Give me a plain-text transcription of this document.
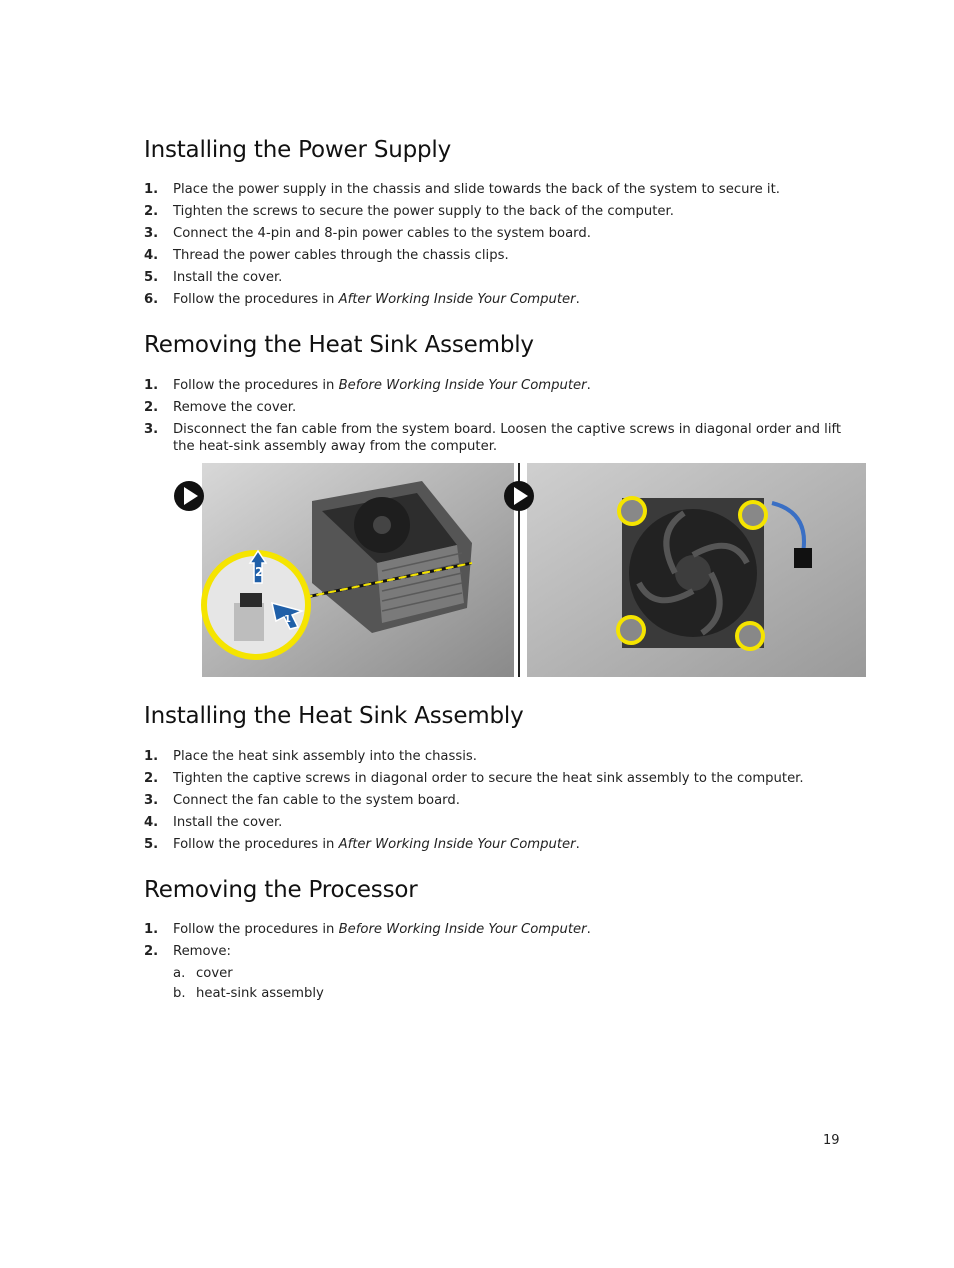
Installing the Power Supply
1. Place the power supply in the chassis and slide towards the back of the system to secure it.
2. Tighten the screws to secure the power supply to the back of the computer.
3. Connect the 4-pin and 8-pin power cables to the system board.
4. Thread the power cables through the chassis clips.
5. Install the cover.
6. Follow the procedures in After Working Inside Your Computer.
Removing the Heat Sink Assembly
1. Follow the procedures in Before Working Inside Your Computer.
2. Remove the cover.
3. Disconnect the fan cable from the system board. Loosen the captive screws in diagonal order and lift
the heat-sink assembly away from the computer.
2
1
Installing the Heat Sink Assembly
1. Place the heat sink assembly into the chassis.
2. Tighten the captive screws in diagonal order to secure the heat sink assembly to the computer.
3. Connect the fan cable to the system board.
4. Install the cover.
5. Follow the procedures in After Working Inside Your Computer.
Removing the Processor
1. Follow the procedures in Before Working Inside Your Computer.
2. Remove:
a. cover
b. heat-sink assembly
19
